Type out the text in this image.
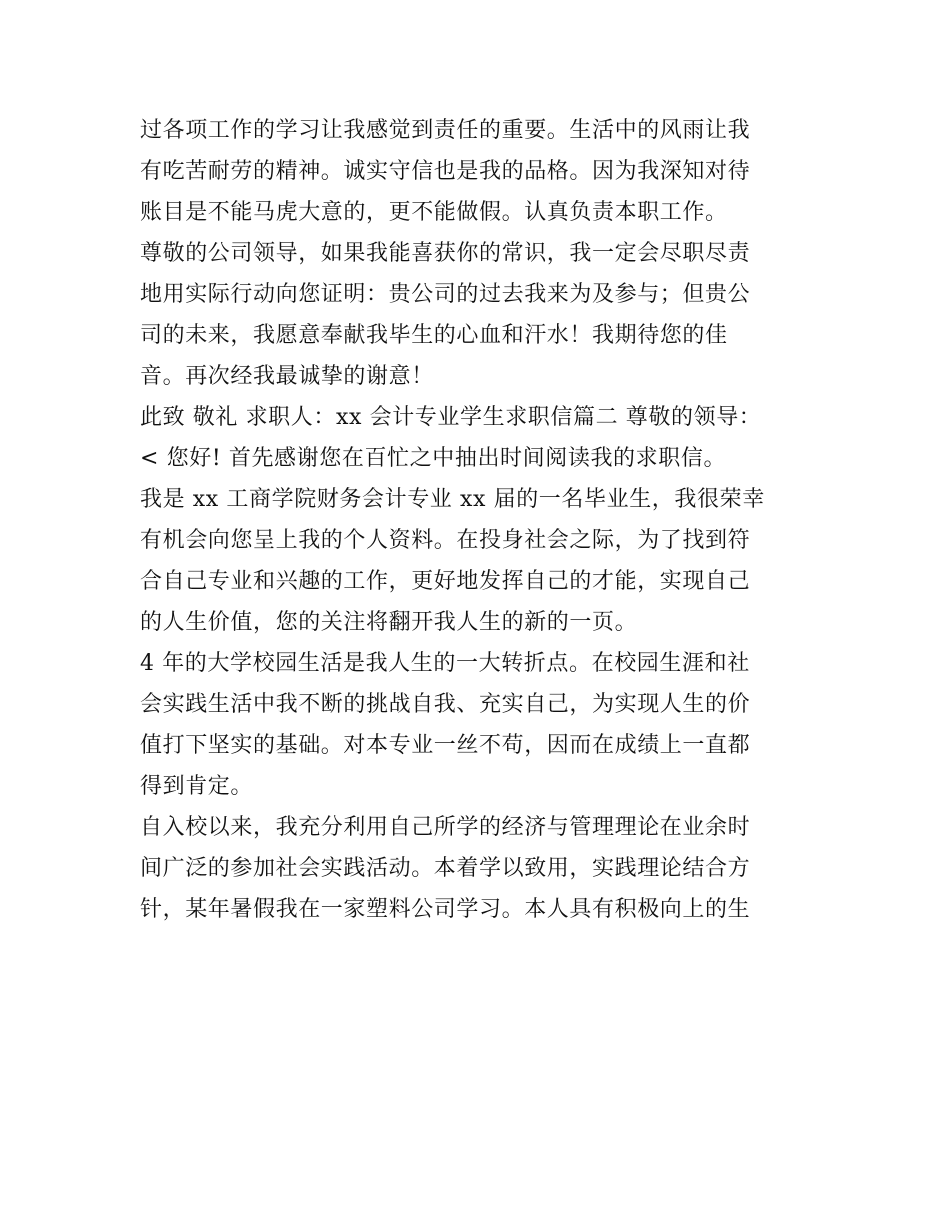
过各项工作的学习让我感觉到责任的重要。生活中的风雨让我

有吃苦耐劳的精神。诚实守信也是我的品格。因为我深知对待

账目是不能马虎大意的，更不能做假。认真负责本职工作。

尊敬的公司领导，如果我能喜获你的常识，我一定会尽职尽责

地用实际行动向您证明：贵公司的过去我来为及参与；但贵公

司的未来，我愿意奉献我毕生的心血和汗水！我期待您的佳

音。再次经我最诚挚的谢意！

此致 敬礼 求职人：xx 会计专业学生求职信篇二 尊敬的领导：

< 您好! 首先感谢您在百忙之中抽出时间阅读我的求职信。

我是 xx 工商学院财务会计专业 xx 届的一名毕业生，我很荣幸

有机会向您呈上我的个人资料。在投身社会之际，为了找到符

合自己专业和兴趣的工作，更好地发挥自己的才能，实现自己

的人生价值，您的关注将翻开我人生的新的一页。

4 年的大学校园生活是我人生的一大转折点。在校园生涯和社

会实践生活中我不断的挑战自我、充实自己，为实现人生的价

值打下坚实的基础。对本专业一丝不苟，因而在成绩上一直都

得到肯定。

自入校以来，我充分利用自己所学的经济与管理理论在业余时

间广泛的参加社会实践活动。本着学以致用，实践理论结合方

针，某年暑假我在一家塑料公司学习。本人具有积极向上的生
